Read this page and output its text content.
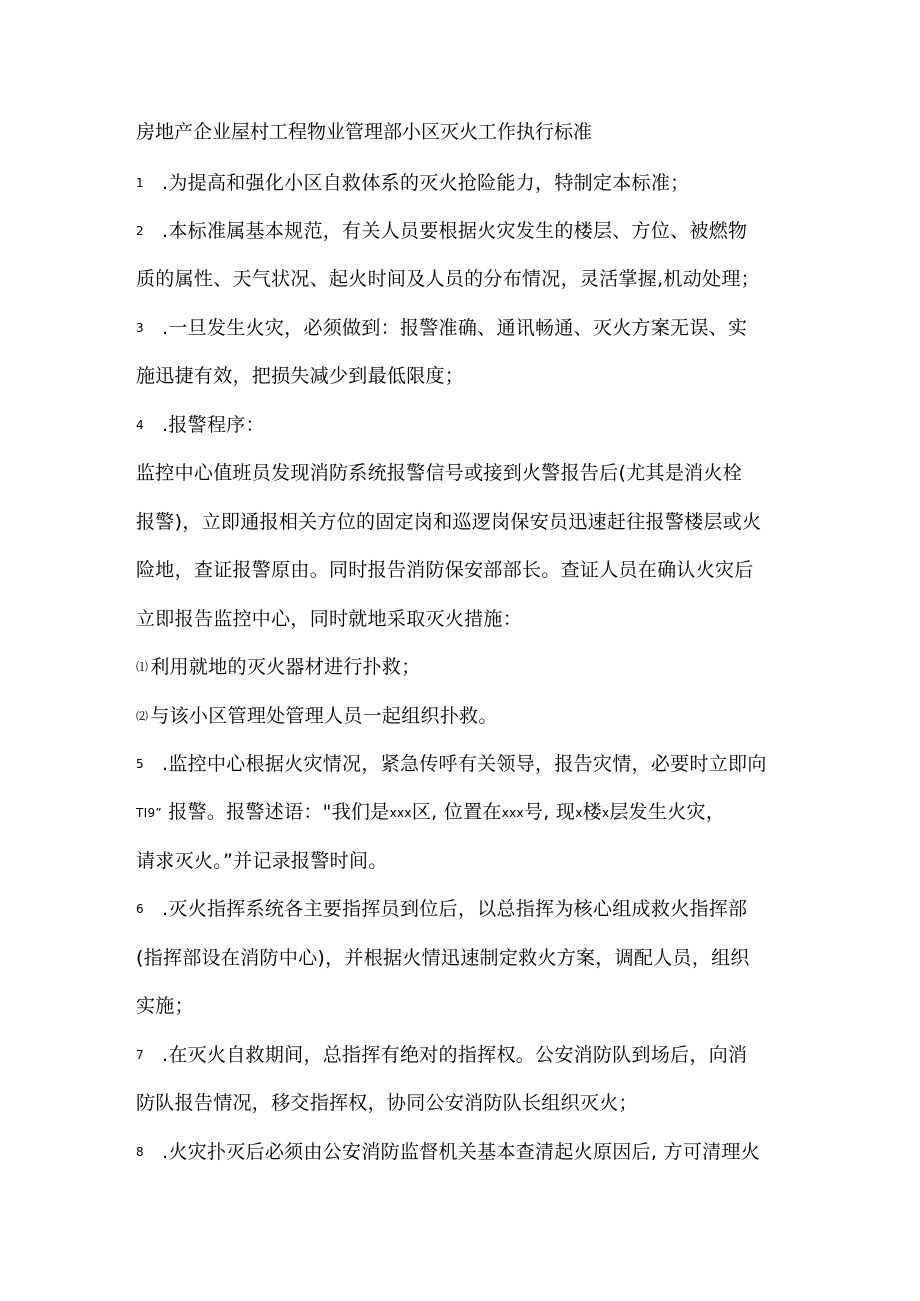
房地产企业屋村工程物业管理部小区灭火工作执行标准
1 .为提高和强化小区自救体系的灭火抢险能力，特制定本标准；
2 .本标准属基本规范，有关人员要根据火灾发生的楼层、方位、被燃物
质的属性、天气状况、起火时间及人员的分布情况，灵活掌握,机动处理；
3 .一旦发生火灾，必须做到：报警准确、通讯畅通、灭火方案无误、实
施迅捷有效，把损失减少到最低限度；
4 .报警程序：
监控中心值班员发现消防系统报警信号或接到火警报告后(尤其是消火栓
报警)，立即通报相关方位的固定岗和巡逻岗保安员迅速赶往报警楼层或火
险地，查证报警原由。同时报告消防保安部部长。查证人员在确认火灾后
立即报告监控中心，同时就地采取灭火措施：
⑴ 利用就地的灭火器材进行扑救；
⑵ 与该小区管理处管理人员一起组织扑救。
5 .监控中心根据火灾情况，紧急传呼有关领导，报告灾情，必要时立即向
TI9” 报警。报警述语："我们是xxx区, 位置在xxx号, 现x楼x层发生火灾，
请求灭火。”并记录报警时间。
6 .灭火指挥系统各主要指挥员到位后，以总指挥为核心组成救火指挥部
(指挥部设在消防中心)，并根据火情迅速制定救火方案，调配人员，组织
实施；
7 .在灭火自救期间，总指挥有绝对的指挥权。公安消防队到场后，向消
防队报告情况，移交指挥权，协同公安消防队长组织灭火；
8 .火灾扑灭后必须由公安消防监督机关基本查清起火原因后, 方可清理火
